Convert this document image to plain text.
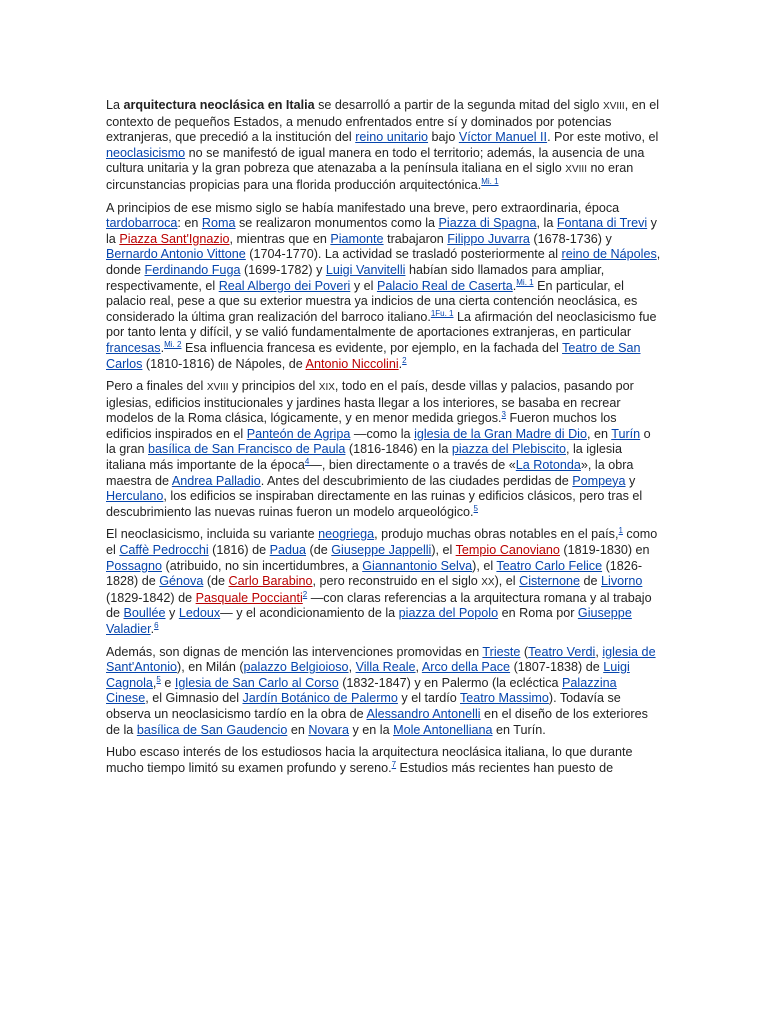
La arquitectura neoclásica en Italia se desarrolló a partir de la segunda mitad del siglo XVIII, en el contexto de pequeños Estados, a menudo enfrentados entre sí y dominados por potencias extranjeras, que precedió a la institución del reino unitario bajo Víctor Manuel II. Por este motivo, el neoclasicismo no se manifestó de igual manera en todo el territorio; además, la ausencia de una cultura unitaria y la gran pobreza que atenazaba a la península italiana en el siglo XVIII no eran circunstancias propicias para una florida producción arquitectónica.$^{Mi. 1}$

A principios de ese mismo siglo se había manifestado una breve, pero extraordinaria, época tardobarroca: en Roma se realizaron monumentos como la Piazza di Spagna, la Fontana di Trevi y la Piazza Sant'Ignazio, mientras que en Piamonte trabajaron Filippo Juvarra (1678-1736) y Bernardo Antonio Vittone (1704-1770). La actividad se trasladó posteriormente al reino de Nápoles, donde Ferdinando Fuga (1699-1782) y Luigi Vanvitelli habían sido llamados para ampliar, respectivamente, el Real Albergo dei Poveri y el Palacio Real de Caserta.$^{Mi. 1}$ En particular, el palacio real, pese a que su exterior muestra ya indicios de una cierta contención neoclásica, es considerado la última gran realización del barroco italiano.$^{1Fu. 1}$ La afirmación del neoclasicismo fue por tanto lenta y difícil, y se valió fundamentalmente de aportaciones extranjeras, en particular francesas.$^{Mi. 2}$ Esa influencia francesa es evidente, por ejemplo, en la fachada del Teatro de San Carlos (1810-1816) de Nápoles, de Antonio Niccolini.$^2$

Pero a finales del XVIII y principios del XIX, todo en el país, desde villas y palacios, pasando por iglesias, edificios institucionales y jardines hasta llegar a los interiores, se basaba en recrear modelos de la Roma clásica, lógicamente, y en menor medida griegos.$^3$ Fueron muchos los edificios inspirados en el Panteón de Agripa —como la iglesia de la Gran Madre di Dio, en Turín o la gran basílica de San Francisco de Paula (1816-1846) en la piazza del Plebiscito, la iglesia italiana más importante de la época$^4$—, bien directamente o a través de «La Rotonda», la obra maestra de Andrea Palladio. Antes del descubrimiento de las ciudades perdidas de Pompeya y Herculano, los edificios se inspiraban directamente en las ruinas y edificios clásicos, pero tras el descubrimiento las nuevas ruinas fueron un modelo arqueológico.$^5$

El neoclasicismo, incluida su variante neogriega, produjo muchas obras notables en el país,$^1$ como el Caffè Pedrocchi (1816) de Padua (de Giuseppe Jappelli), el Tempio Canoviano (1819-1830) en Possagno (atribuido, no sin incertidumbres, a Giannantonio Selva), el Teatro Carlo Felice (1826-1828) de Génova (de Carlo Barabino, pero reconstruido en el siglo XX), el Cisternone de Livorno (1829-1842) de Pasquale Poccianti$^2$ —con claras referencias a la arquitectura romana y al trabajo de Boullée y Ledoux— y el acondicionamiento de la piazza del Popolo en Roma por Giuseppe Valadier.$^6$

Además, son dignas de mención las intervenciones promovidas en Trieste (Teatro Verdi, iglesia de Sant'Antonio), en Milán (palazzo Belgioioso, Villa Reale, Arco della Pace (1807-1838) de Luigi Cagnola,$^5$ e Iglesia de San Carlo al Corso (1832-1847) y en Palermo (la ecléctica Palazzina Cinese, el Gimnasio del Jardín Botánico de Palermo y el tardío Teatro Massimo). Todavía se observa un neoclasicismo tardío en la obra de Alessandro Antonelli en el diseño de los exteriores de la basílica de San Gaudencio en Novara y en la Mole Antonelliana en Turín.

Hubo escaso interés de los estudiosos hacia la arquitectura neoclásica italiana, lo que durante mucho tiempo limitó su examen profundo y sereno.$^7$ Estudios más recientes han puesto de
